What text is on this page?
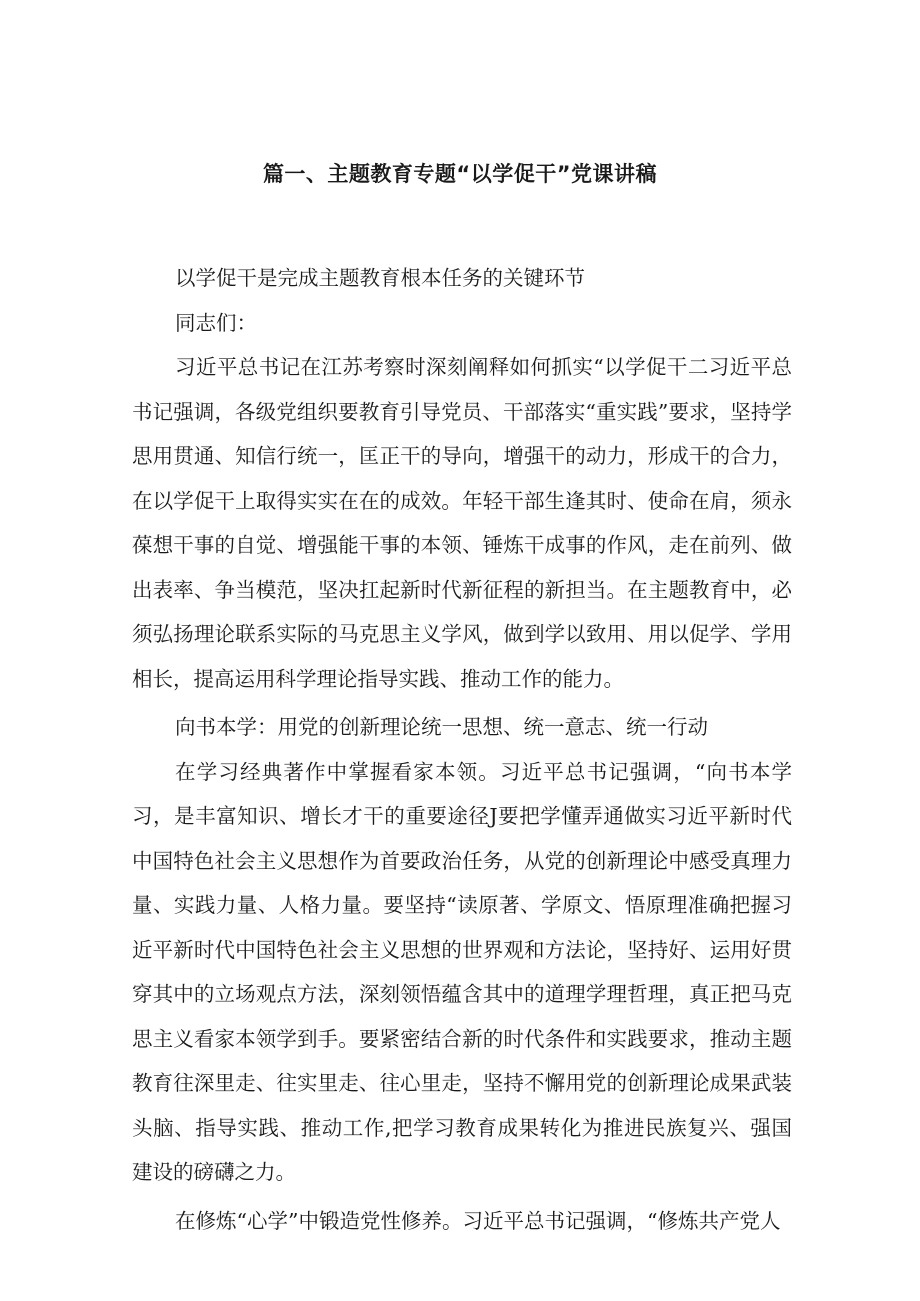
篇一、主题教育专题“以学促干”党课讲稿

以学促干是完成主题教育根本任务的关键环节

同志们：

习近平总书记在江苏考察时深刻阐释如何抓实“以学促干二习近平总书记强调，各级党组织要教育引导党员、干部落实“重实践”要求，坚持学思用贯通、知信行统一，匡正干的导向，增强干的动力，形成干的合力，在以学促干上取得实实在在的成效。年轻干部生逢其时、使命在肩，须永葆想干事的自觉、增强能干事的本领、锤炼干成事的作风，走在前列、做出表率、争当模范，坚决扛起新时代新征程的新担当。在主题教育中，必须弘扬理论联系实际的马克思主义学风，做到学以致用、用以促学、学用相长，提高运用科学理论指导实践、推动工作的能力。

向书本学：用党的创新理论统一思想、统一意志、统一行动

在学习经典著作中掌握看家本领。习近平总书记强调，“向书本学习，是丰富知识、增长才干的重要途径J要把学懂弄通做实习近平新时代中国特色社会主义思想作为首要政治任务，从党的创新理论中感受真理力量、实践力量、人格力量。要坚持“读原著、学原文、悟原理准确把握习近平新时代中国特色社会主义思想的世界观和方法论，坚持好、运用好贯穿其中的立场观点方法，深刻领悟蕴含其中的道理学理哲理，真正把马克思主义看家本领学到手。要紧密结合新的时代条件和实践要求，推动主题教育往深里走、往实里走、往心里走，坚持不懈用党的创新理论成果武装头脑、指导实践、推动工作,把学习教育成果转化为推进民族复兴、强国建设的磅礴之力。

在修炼“心学”中锻造党性修养。习近平总书记强调，“修炼共产党人
